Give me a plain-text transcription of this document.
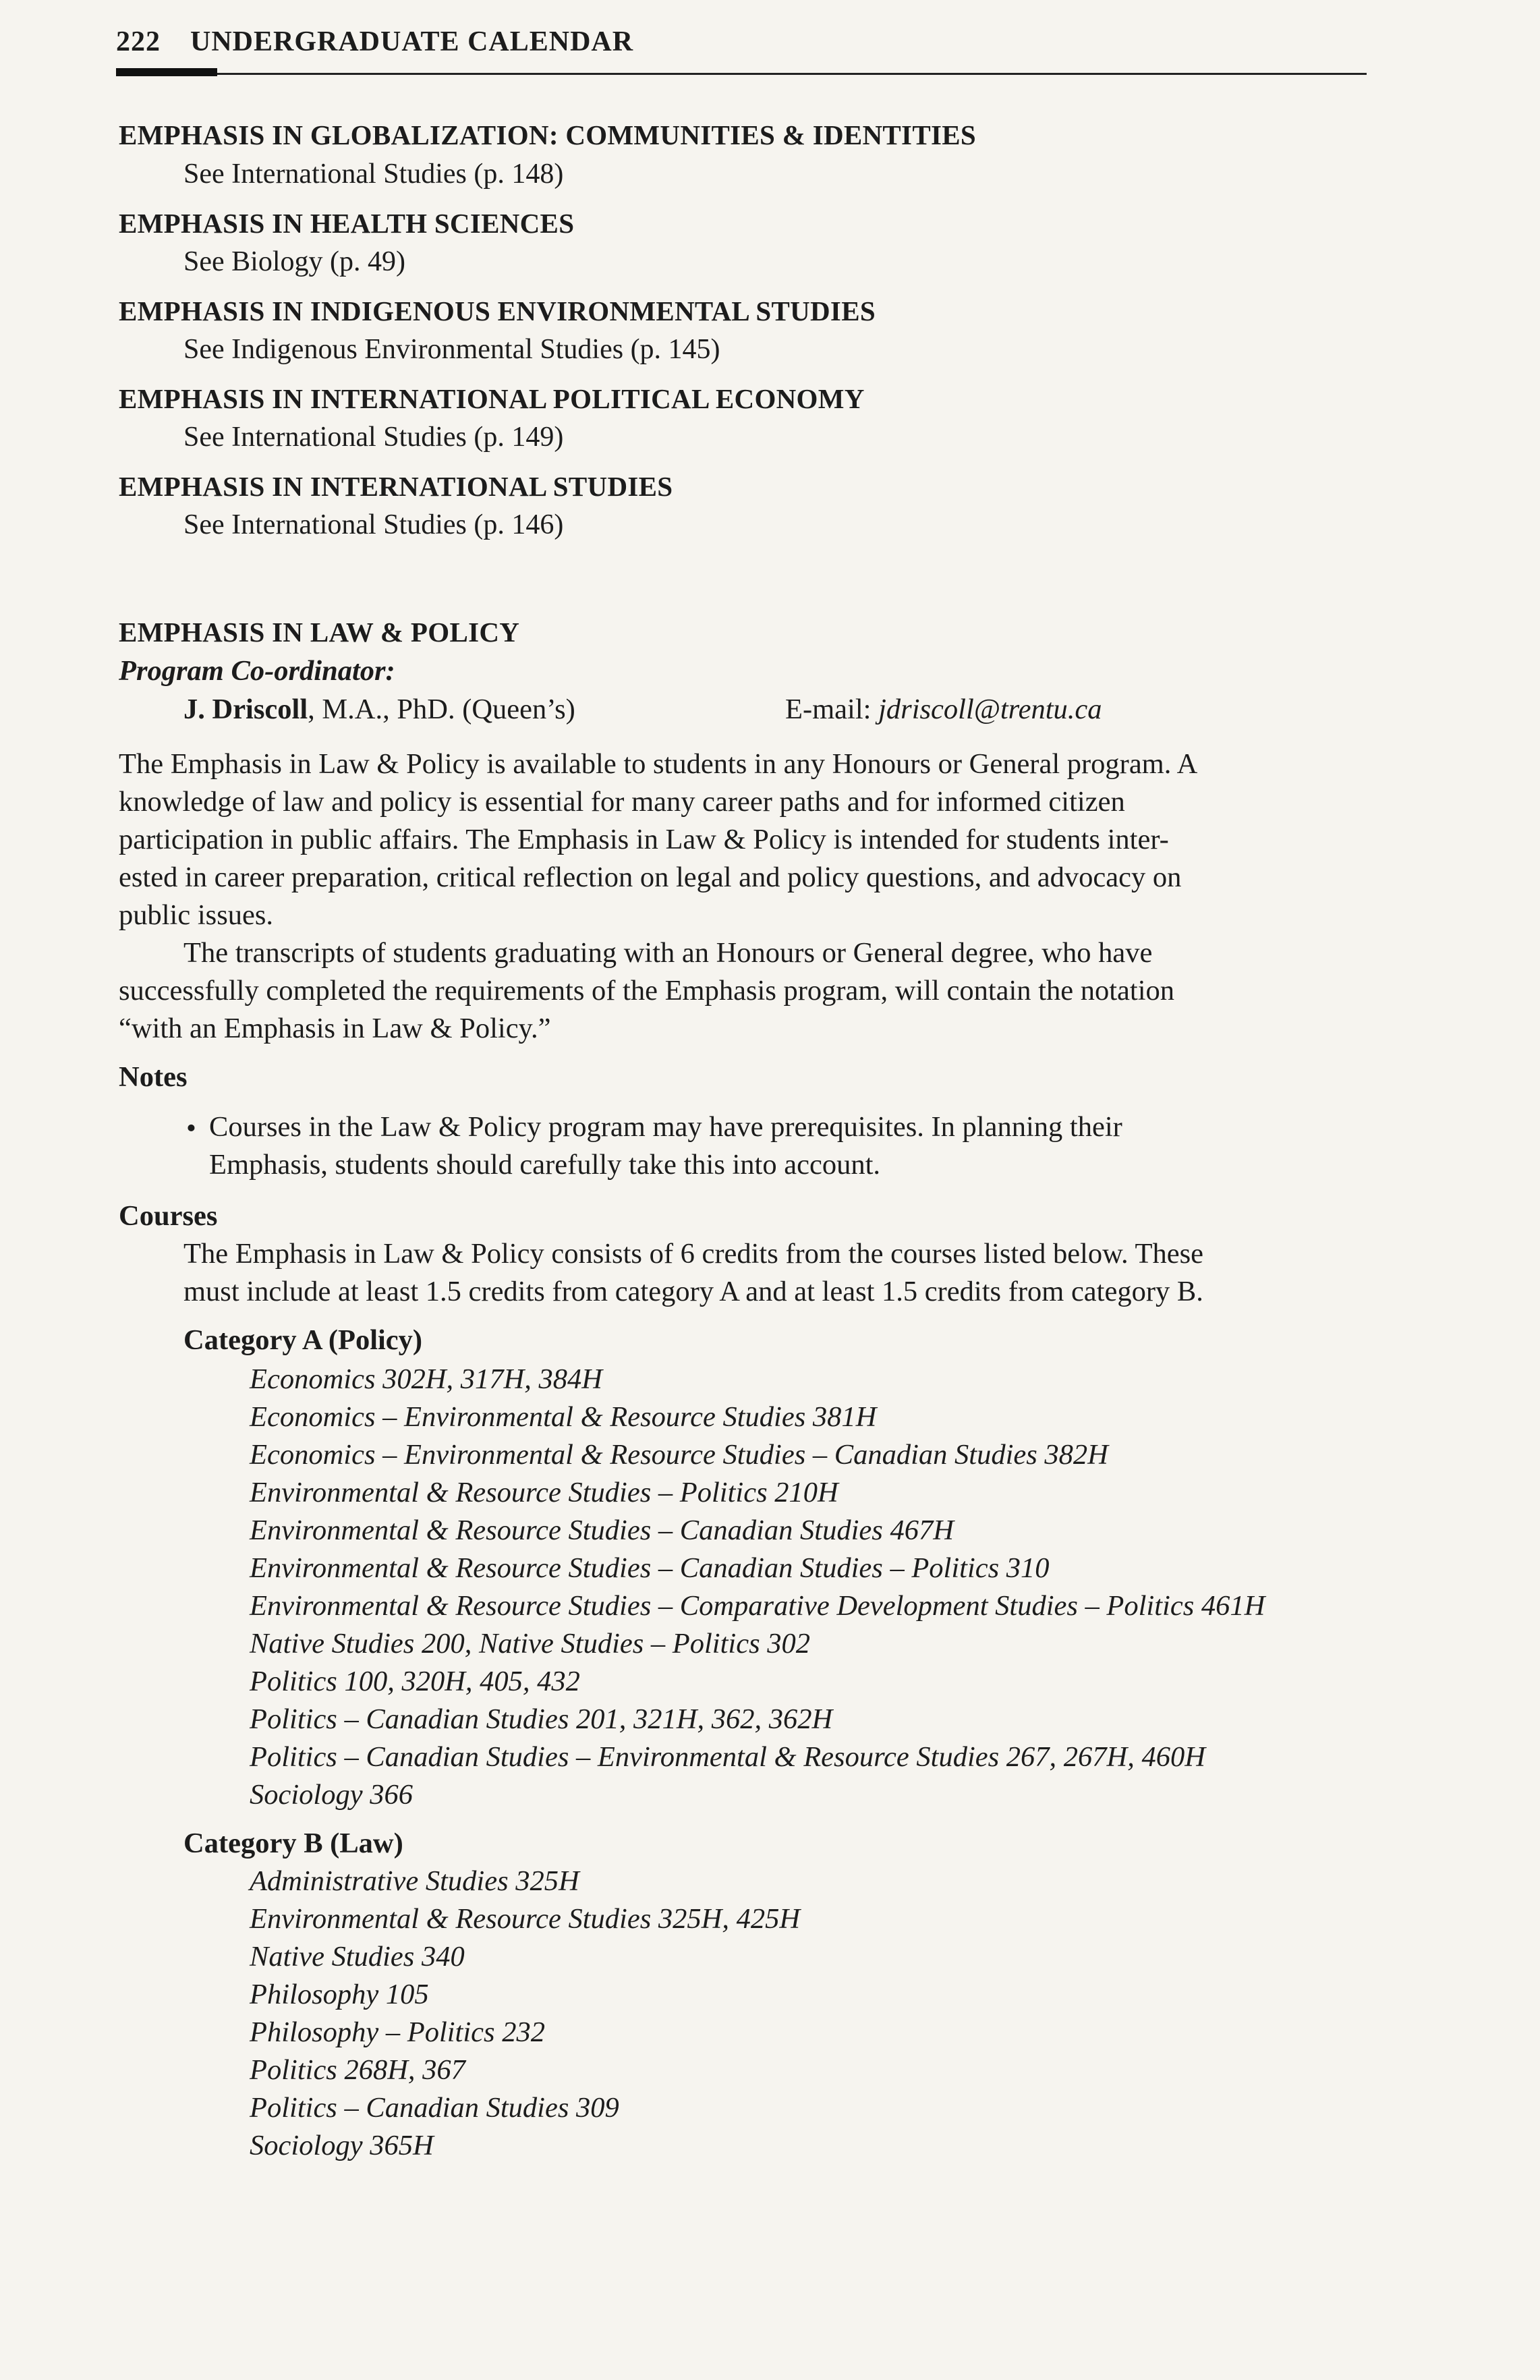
222 UNDERGRADUATE CALENDAR
EMPHASIS IN GLOBALIZATION: COMMUNITIES & IDENTITIES
See International Studies (p. 148)
EMPHASIS IN HEALTH SCIENCES
See Biology (p. 49)
EMPHASIS IN INDIGENOUS ENVIRONMENTAL STUDIES
See Indigenous Environmental Studies (p. 145)
EMPHASIS IN INTERNATIONAL POLITICAL ECONOMY
See International Studies (p. 149)
EMPHASIS IN INTERNATIONAL STUDIES
See International Studies (p. 146)
EMPHASIS IN LAW & POLICY
Program Co-ordinator:
J. Driscoll, M.A., PhD. (Queen’s)	E-mail: jdriscoll@trentu.ca
The Emphasis in Law & Policy is available to students in any Honours or General program. A
knowledge of law and policy is essential for many career paths and for informed citizen
participation in public affairs. The Emphasis in Law & Policy is intended for students inter-
ested in career preparation, critical reflection on legal and policy questions, and advocacy on
public issues.
The transcripts of students graduating with an Honours or General degree, who have
successfully completed the requirements of the Emphasis program, will contain the notation
“with an Emphasis in Law & Policy.”
Notes
• Courses in the Law & Policy program may have prerequisites. In planning their
Emphasis, students should carefully take this into account.
Courses
The Emphasis in Law & Policy consists of 6 credits from the courses listed below. These
must include at least 1.5 credits from category A and at least 1.5 credits from category B.
Category A (Policy)
Economics 302H, 317H, 384H
Economics – Environmental & Resource Studies 381H
Economics – Environmental & Resource Studies – Canadian Studies 382H
Environmental & Resource Studies – Politics 210H
Environmental & Resource Studies – Canadian Studies 467H
Environmental & Resource Studies – Canadian Studies – Politics 310
Environmental & Resource Studies – Comparative Development Studies – Politics 461H
Native Studies 200, Native Studies – Politics 302
Politics 100, 320H, 405, 432
Politics – Canadian Studies 201, 321H, 362, 362H
Politics – Canadian Studies – Environmental & Resource Studies 267, 267H, 460H
Sociology 366
Category B (Law)
Administrative Studies 325H
Environmental & Resource Studies 325H, 425H
Native Studies 340
Philosophy 105
Philosophy – Politics 232
Politics 268H, 367
Politics – Canadian Studies 309
Sociology 365H
